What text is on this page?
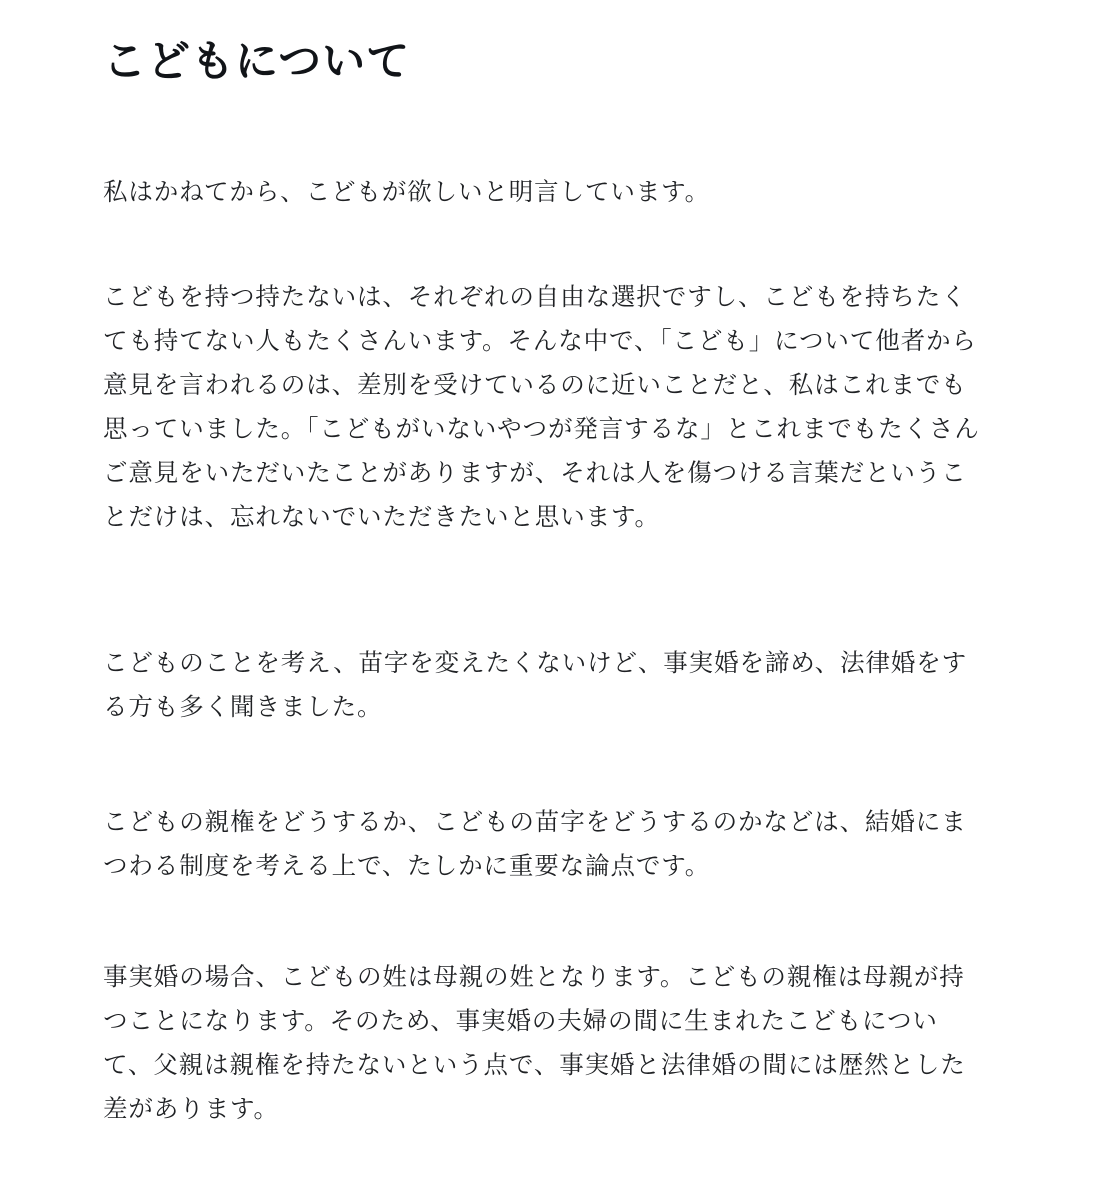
こどもについて

私はかねてから、こどもが欲しいと明言しています。

こどもを持つ持たないは、それぞれの自由な選択ですし、こどもを持ちたく
ても持てない人もたくさんいます。そんな中で、「こども」について他者から
意見を言われるのは、差別を受けているのに近いことだと、私はこれまでも
思っていました。「こどもがいないやつが発言するな」とこれまでもたくさん
ご意見をいただいたことがありますが、それは人を傷つける言葉だというこ
とだけは、忘れないでいただきたいと思います。

こどものことを考え、苗字を変えたくないけど、事実婚を諦め、法律婚をす
る方も多く聞きました。

こどもの親権をどうするか、こどもの苗字をどうするのかなどは、結婚にま
つわる制度を考える上で、たしかに重要な論点です。

事実婚の場合、こどもの姓は母親の姓となります。こどもの親権は母親が持
つことになります。そのため、事実婚の夫婦の間に生まれたこどもについ
て、父親は親権を持たないという点で、事実婚と法律婚の間には歴然とした
差があります。
